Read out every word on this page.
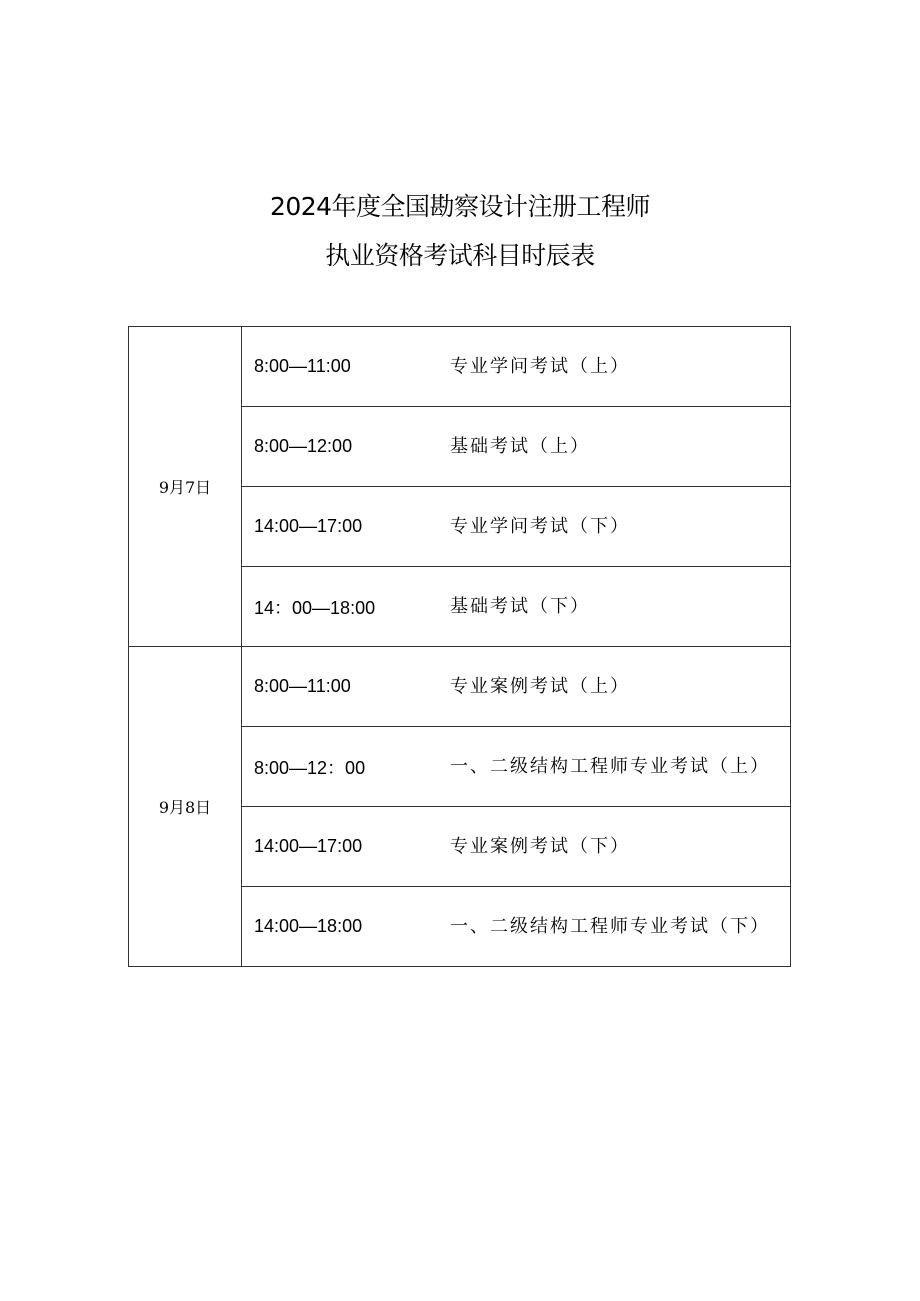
2024年度全国勘察设计注册工程师
执业资格考试科目时辰表
9月7日	8:00—11:00 专业学问考试（上）

	8:00—12:00 基础考试（上）

	14:00—17:00 专业学问考试（下）

	14：00—18:00 基础考试（下）

9月8日	8:00—11:00 专业案例考试（上）

	8:00—12：00 一、二级结构工程师专业考试（上）

	14:00—17:00 专业案例考试（下）

	14:00—18:00 一、二级结构工程师专业考试（下）
